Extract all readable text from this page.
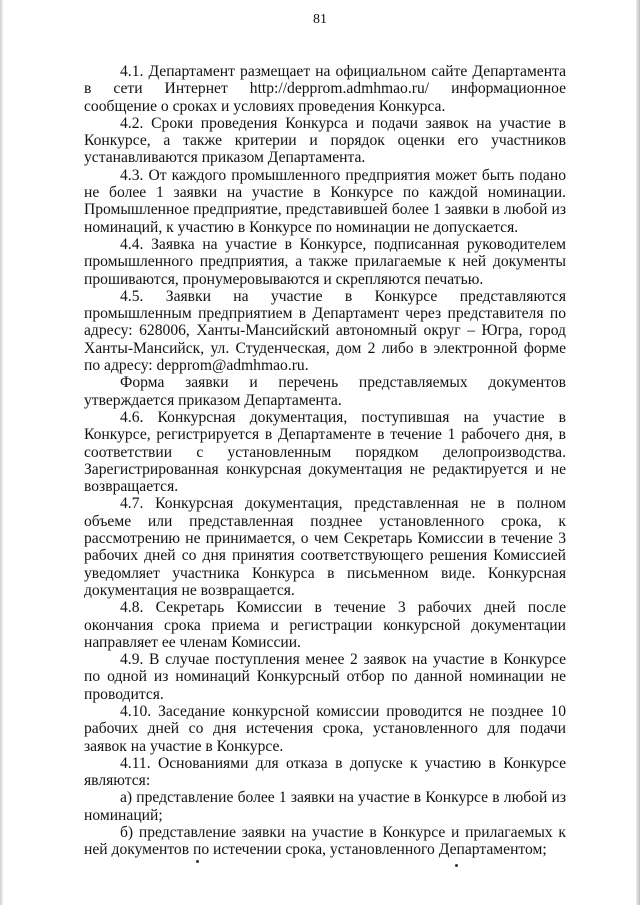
81

4.1. Департамент размещает на официальном сайте Департамента в сети Интернет http://depprom.admhmao.ru/ информационное сообщение о сроках и условиях проведения Конкурса.

4.2. Сроки проведения Конкурса и подачи заявок на участие в Конкурсе, а также критерии и порядок оценки его участников устанавливаются приказом Департамента.

4.3. От каждого промышленного предприятия может быть подано не более 1 заявки на участие в Конкурсе по каждой номинации. Промышленное предприятие, представившей более 1 заявки в любой из номинаций, к участию в Конкурсе по номинации не допускается.

4.4. Заявка на участие в Конкурсе, подписанная руководителем промышленного предприятия, а также прилагаемые к ней документы прошиваются, пронумеровываются и скрепляются печатью.

4.5. Заявки на участие в Конкурсе представляются промышленным предприятием в Департамент через представителя по адресу: 628006, Ханты-Мансийский автономный округ – Югра, город Ханты-Мансийск, ул. Студенческая, дом 2 либо в электронной форме по адресу: depprom@admhmao.ru.

Форма заявки и перечень представляемых документов утверждается приказом Департамента.

4.6. Конкурсная документация, поступившая на участие в Конкурсе, регистрируется в Департаменте в течение 1 рабочего дня, в соответствии с установленным порядком делопроизводства. Зарегистрированная конкурсная документация не редактируется и не возвращается.

4.7. Конкурсная документация, представленная не в полном объеме или представленная позднее установленного срока, к рассмотрению не принимается, о чем Секретарь Комиссии в течение 3 рабочих дней со дня принятия соответствующего решения Комиссией уведомляет участника Конкурса в письменном виде. Конкурсная документация не возвращается.

4.8. Секретарь Комиссии в течение 3 рабочих дней после окончания срока приема и регистрации конкурсной документации направляет ее членам Комиссии.

4.9. В случае поступления менее 2 заявок на участие в Конкурсе по одной из номинаций Конкурсный отбор по данной номинации не проводится.

4.10. Заседание конкурсной комиссии проводится не позднее 10 рабочих дней со дня истечения срока, установленного для подачи заявок на участие в Конкурсе.

4.11. Основаниями для отказа в допуске к участию в Конкурсе являются:

а) представление более 1 заявки на участие в Конкурсе в любой из номинаций;

б) представление заявки на участие в Конкурсе и прилагаемых к ней документов по истечении срока, установленного Департаментом;
